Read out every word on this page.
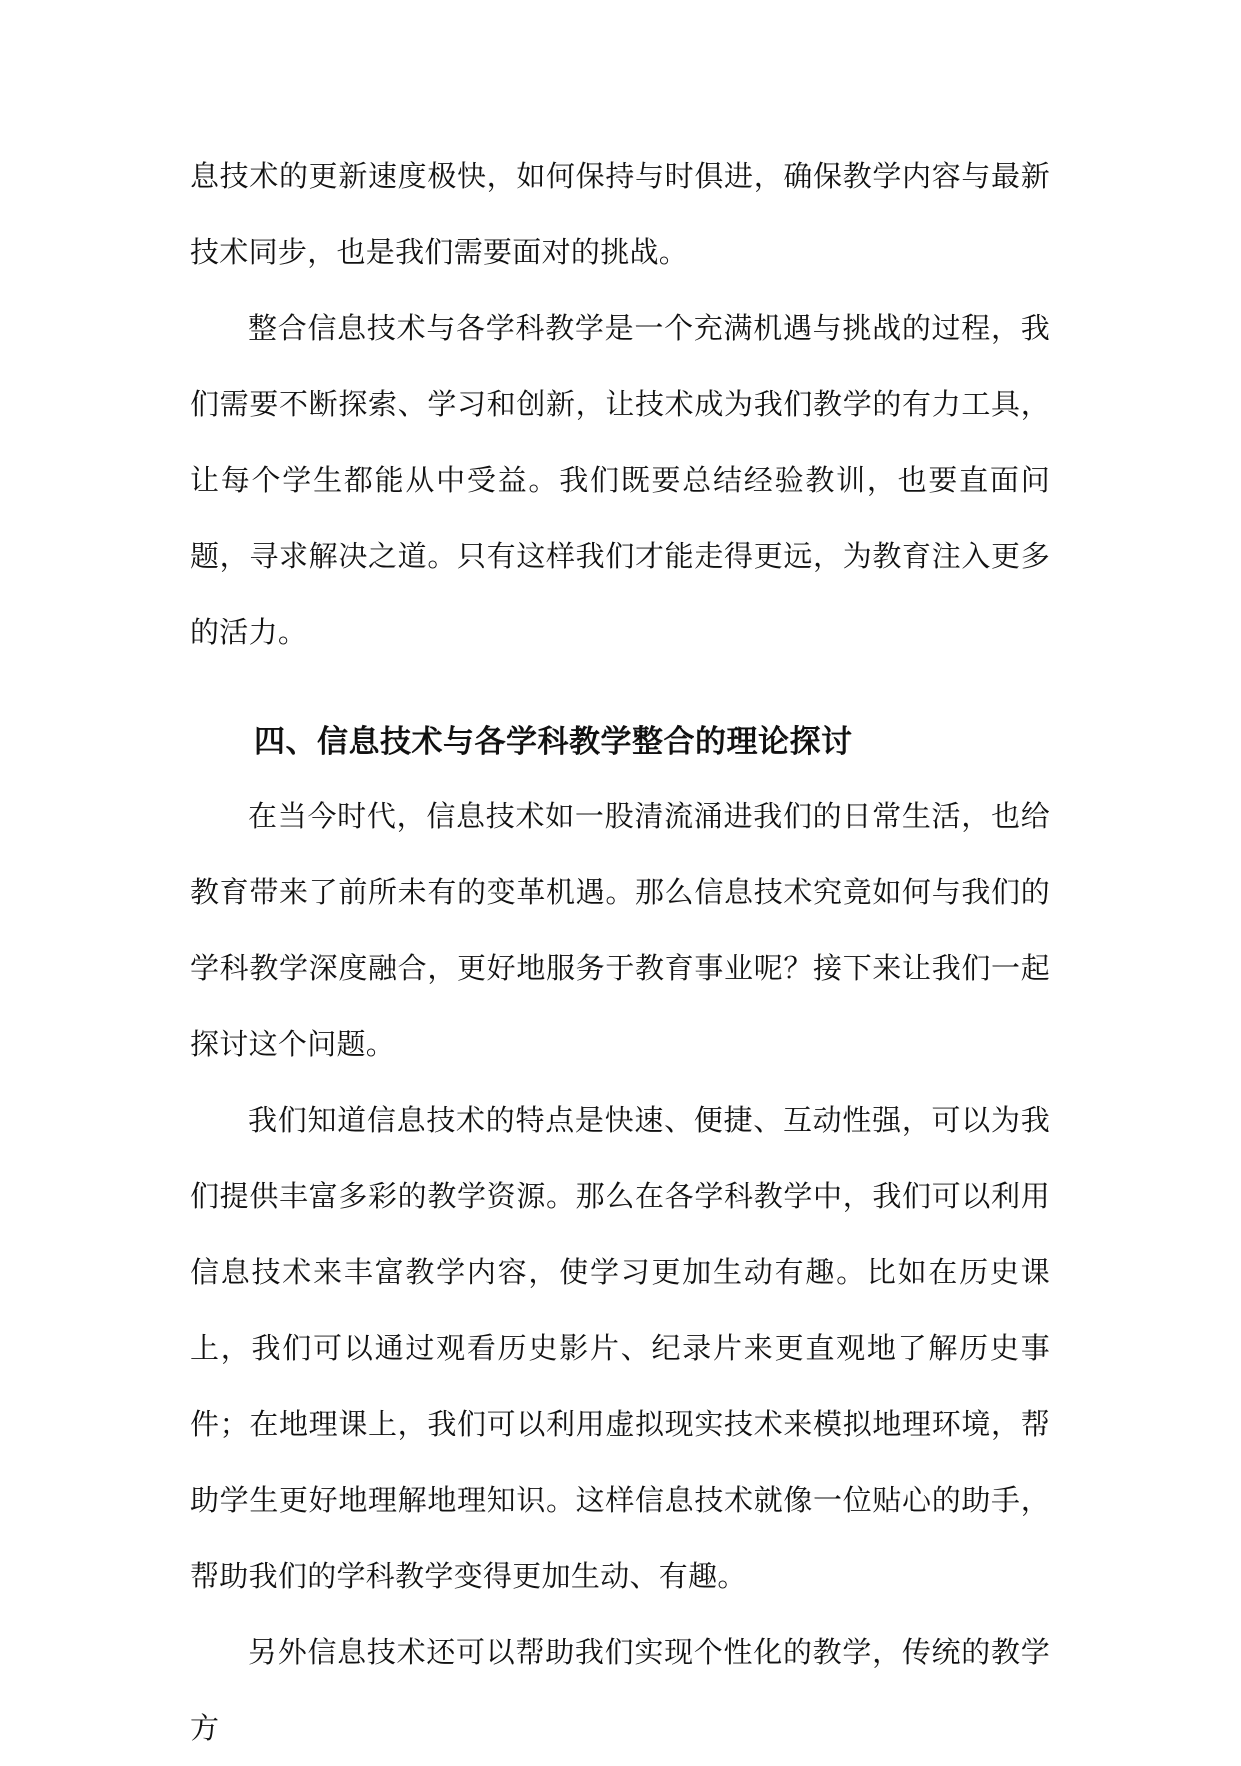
息技术的更新速度极快，如何保持与时俱进，确保教学内容与最新技术同步，也是我们需要面对的挑战。

整合信息技术与各学科教学是一个充满机遇与挑战的过程，我们需要不断探索、学习和创新，让技术成为我们教学的有力工具，让每个学生都能从中受益。我们既要总结经验教训，也要直面问题，寻求解决之道。只有这样我们才能走得更远，为教育注入更多的活力。

四、信息技术与各学科教学整合的理论探讨

在当今时代，信息技术如一股清流涌进我们的日常生活，也给教育带来了前所未有的变革机遇。那么信息技术究竟如何与我们的学科教学深度融合，更好地服务于教育事业呢？接下来让我们一起探讨这个问题。

我们知道信息技术的特点是快速、便捷、互动性强，可以为我们提供丰富多彩的教学资源。那么在各学科教学中，我们可以利用信息技术来丰富教学内容，使学习更加生动有趣。比如在历史课上，我们可以通过观看历史影片、纪录片来更直观地了解历史事件；在地理课上，我们可以利用虚拟现实技术来模拟地理环境，帮助学生更好地理解地理知识。这样信息技术就像一位贴心的助手，帮助我们的学科教学变得更加生动、有趣。

另外信息技术还可以帮助我们实现个性化的教学，传统的教学方
